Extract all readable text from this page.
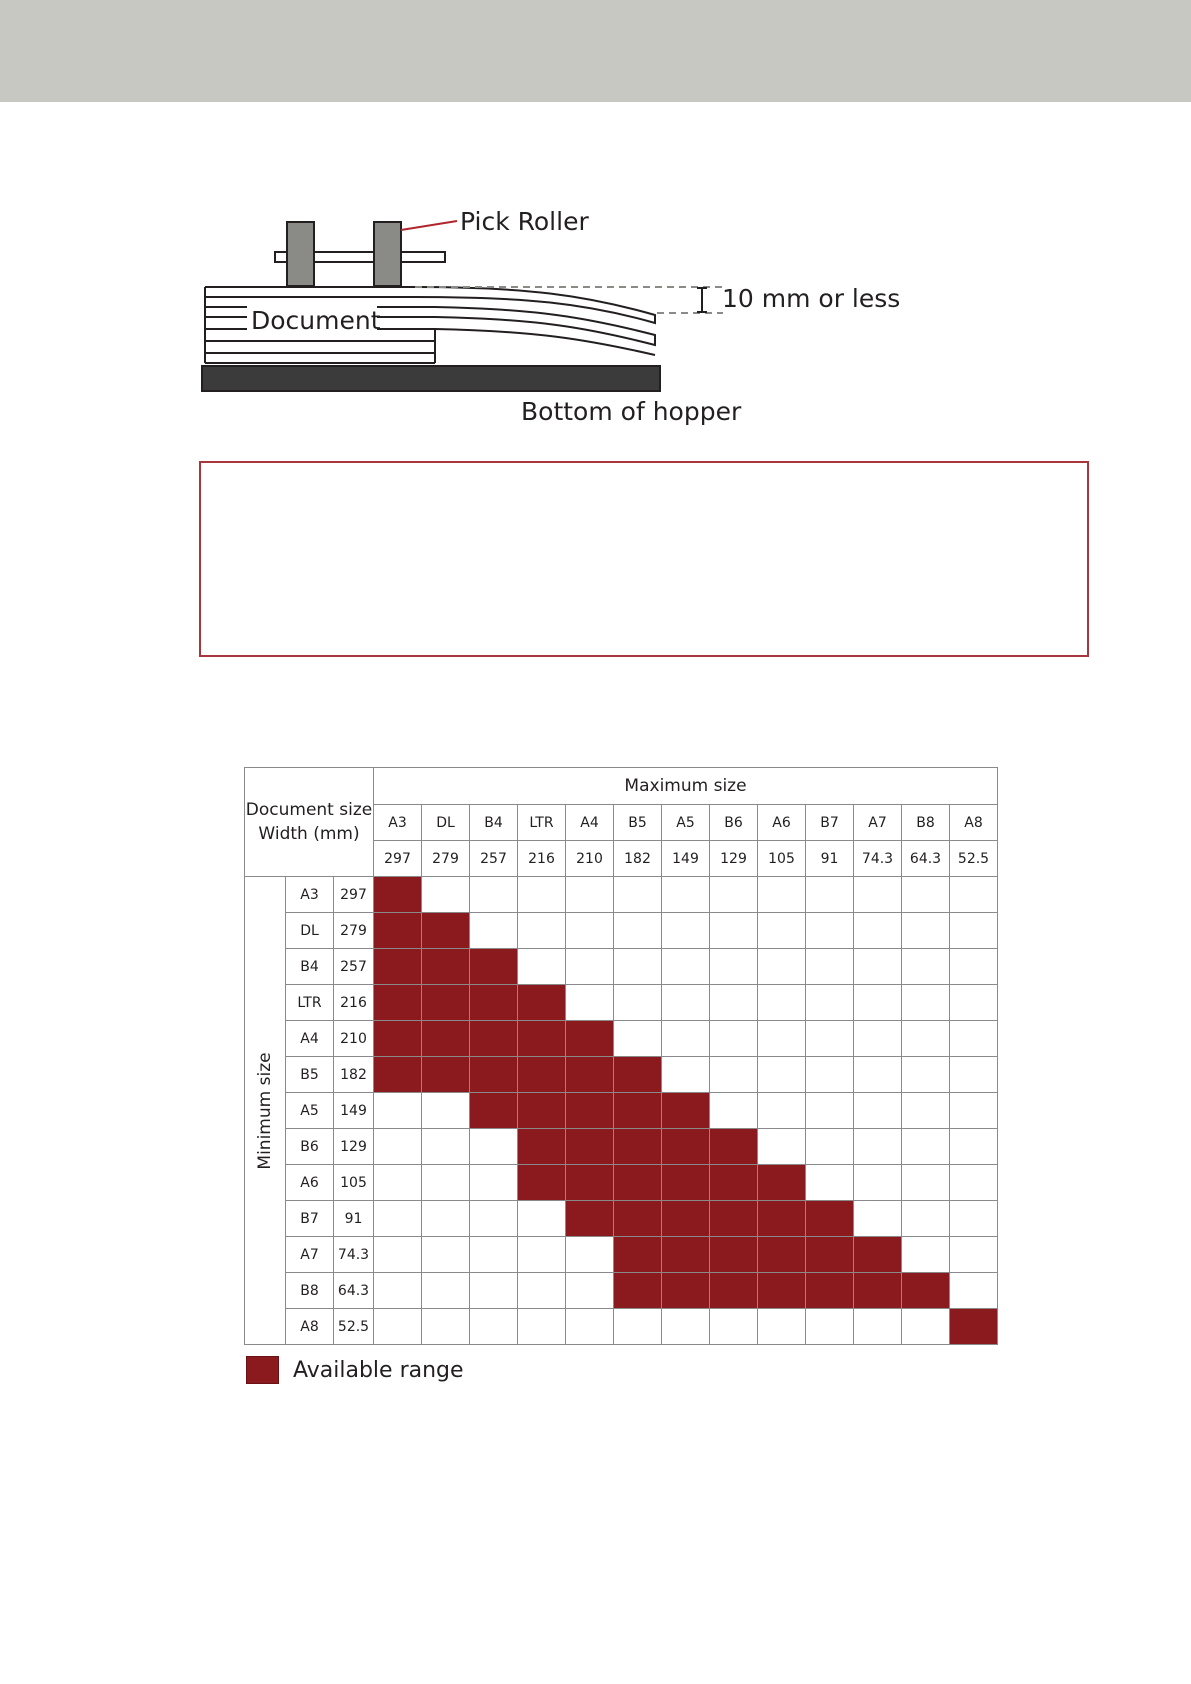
Pick Roller
10 mm or less
Document
Bottom of hopper
Document size
Width (mm)			Maximum size												
			A3	DL	B4	LTR	A4	B5	A5	B6	A6	B7	A7	B8	A8
			297	279	257	216	210	182	149	129	105	91	74.3	64.3	52.5

Minimum size	A3	297													
	DL	279													
	B4	257													
	LTR	216													
	A4	210													
	B5	182													
	A5	149													
	B6	129													
	A6	105													
	B7	91													
	A7	74.3													
	B8	64.3													
	A8	52.5													
Available range
